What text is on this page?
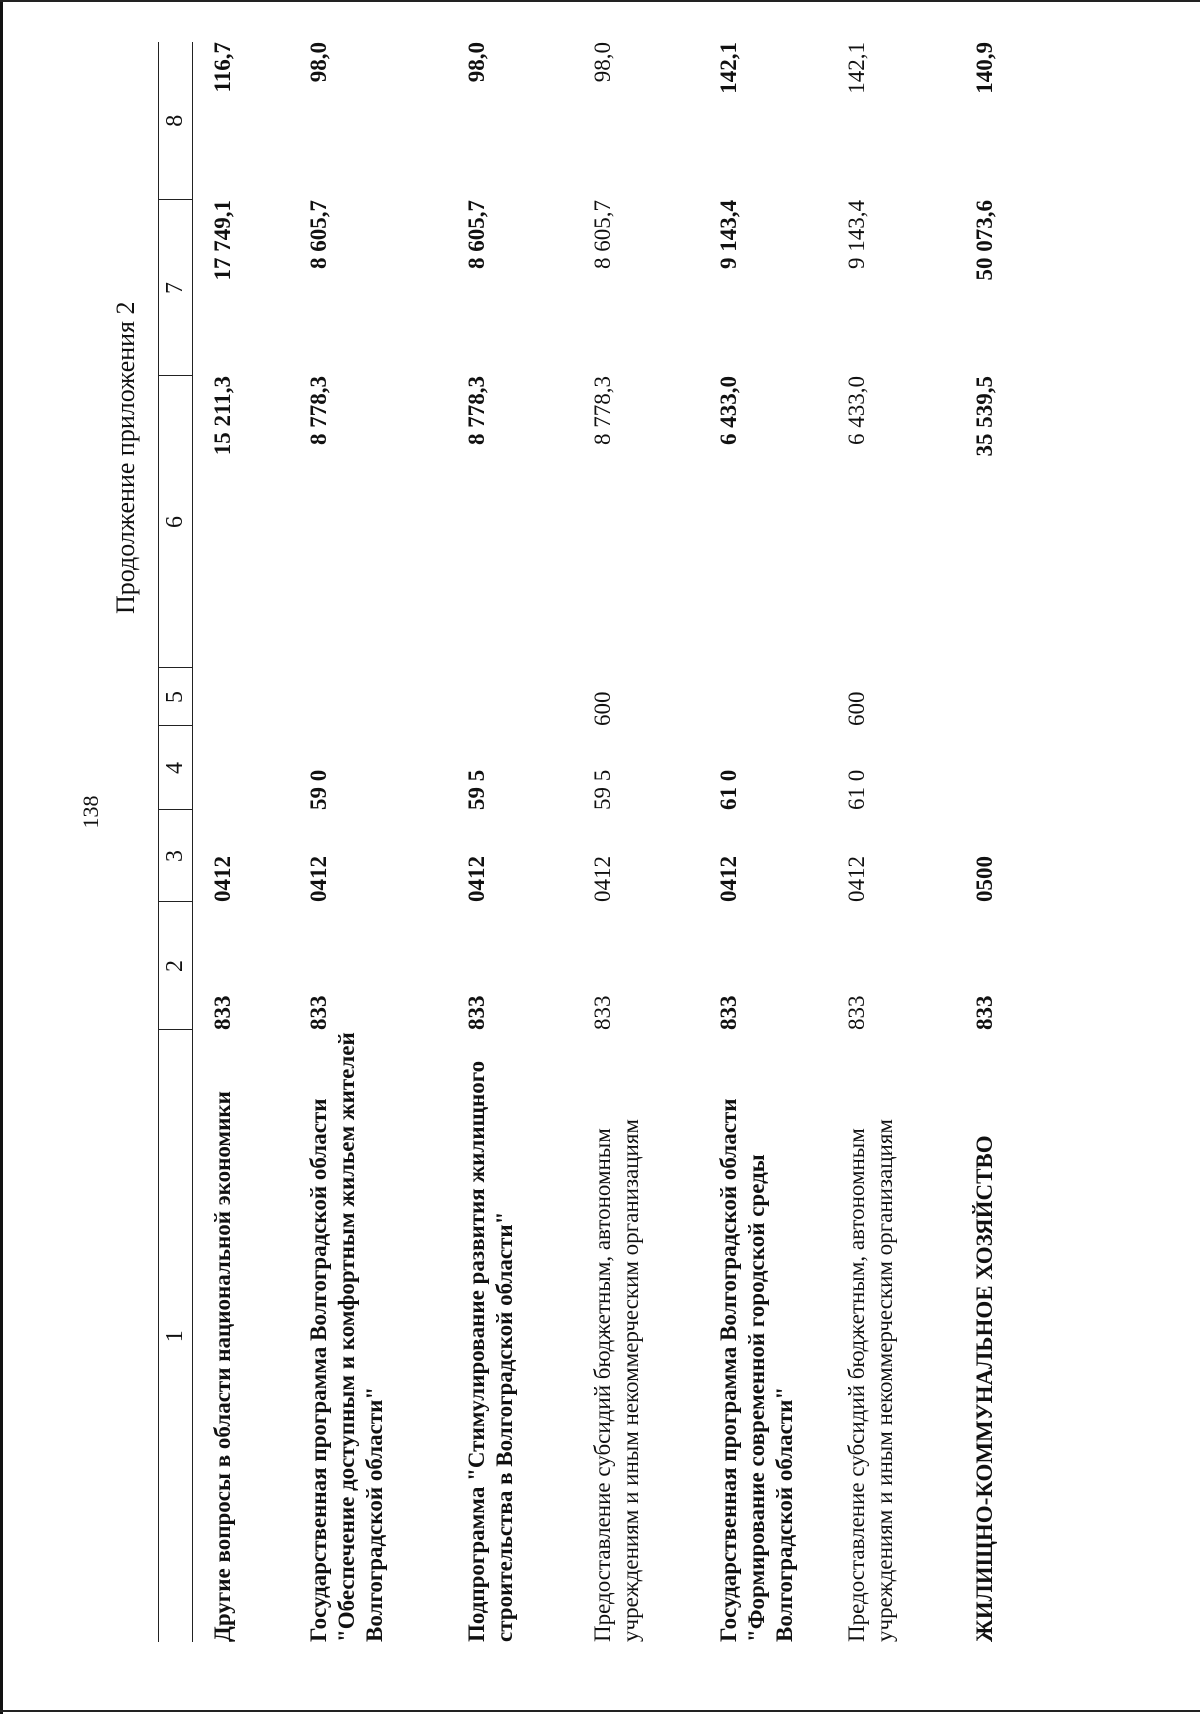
138
Продолжение приложения 2
1	2	3	4	5	6	7	8
Другие вопросы в области национальной экономики	833	0412			15 211,3	17 749,1	116,7
Государственная программа Волгоградской области "Обеспечение доступным и комфортным жильем жителей Волгоградской области"	833	0412	59 0		8 778,3	8 605,7	98,0
Подпрограмма "Стимулирование развития жилищного строительства в Волгоградской области"	833	0412	59 5		8 778,3	8 605,7	98,0
Предоставление субсидий бюджетным, автономным учреждениям и иным некоммерческим организациям	833	0412	59 5	600	8 778,3	8 605,7	98,0
Государственная программа Волгоградской области "Формирование современной городской среды Волгоградской области"	833	0412	61 0		6 433,0	9 143,4	142,1
Предоставление субсидий бюджетным, автономным учреждениям и иным некоммерческим организациям	833	0412	61 0	600	6 433,0	9 143,4	142,1
ЖИЛИЩНО-КОММУНАЛЬНОЕ ХОЗЯЙСТВО	833	0500			35 539,5	50 073,6	140,9
